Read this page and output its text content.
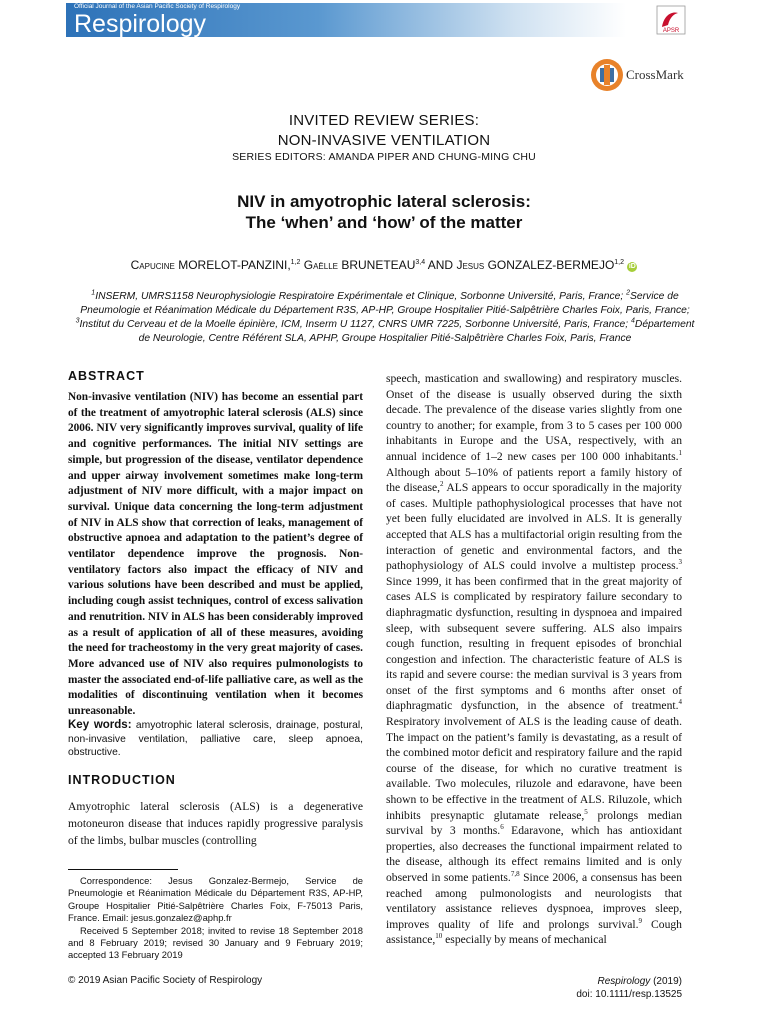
Official Journal of the Asian Pacific Society of Respirology
Respirology	APSR
CrossMark
INVITED REVIEW SERIES:
NON-INVASIVE VENTILATION
SERIES EDITORS: AMANDA PIPER AND CHUNG-MING CHU
NIV in amyotrophic lateral sclerosis:
The ‘when’ and ‘how’ of the matter
Capucine MORELOT-PANZINI,$^{1,2}$ Gaëlle BRUNETEAU$^{3,4}$ AND Jesus GONZALEZ-BERMEJO$^{1,2}$ iD
$^1$INSERM, UMRS1158 Neurophysiologie Respiratoire Expérimentale et Clinique, Sorbonne Université, Paris, France; $^2$Service de Pneumologie et Réanimation Médicale du Département R3S, AP-HP, Groupe Hospitalier Pitié-Salpêtrière Charles Foix, Paris, France; $^3$Institut du Cerveau et de la Moelle épinière, ICM, Inserm U 1127, CNRS UMR 7225, Sorbonne Université, Paris, France; $^4$Département de Neurologie, Centre Référent SLA, APHP, Groupe Hospitalier Pitié-Salpêtrière Charles Foix, Paris, France
ABSTRACT
Non-invasive ventilation (NIV) has become an essential part of the treatment of amyotrophic lateral sclerosis (ALS) since 2006. NIV very significantly improves survival, quality of life and cognitive performances. The initial NIV settings are simple, but progression of the disease, ventilator dependence and upper airway involvement sometimes make long-term adjustment of NIV more difficult, with a major impact on survival. Unique data concerning the long-term adjustment of NIV in ALS show that correction of leaks, management of obstructive apnoea and adaptation to the patient’s degree of ventilator dependence improve the prognosis. Non-ventilatory factors also impact the efficacy of NIV and various solutions have been described and must be applied, including cough assist techniques, control of excess salivation and renutrition. NIV in ALS has been considerably improved as a result of application of all of these measures, avoiding the need for tracheostomy in the very great majority of cases. More advanced use of NIV also requires pulmonologists to master the associated end-of-life palliative care, as well as the modalities of discontinuing ventilation when it becomes unreasonable.
Key words: amyotrophic lateral sclerosis, drainage, postural, non-invasive ventilation, palliative care, sleep apnoea, obstructive.
INTRODUCTION
Amyotrophic lateral sclerosis (ALS) is a degenerative motoneuron disease that induces rapidly progressive paralysis of the limbs, bulbar muscles (controlling

Correspondence: Jesus Gonzalez-Bermejo, Service de Pneumologie et Réanimation Médicale du Département R3S, AP-HP, Groupe Hospitalier Pitié-Salpêtrière Charles Foix, F-75013 Paris, France. Email: jesus.gonzalez@aphp.fr

Received 5 September 2018; invited to revise 18 September 2018 and 8 February 2019; revised 30 January and 9 February 2019; accepted 13 February 2019

speech, mastication and swallowing) and respiratory muscles. Onset of the disease is usually observed during the sixth decade. The prevalence of the disease varies slightly from one country to another; for example, from 3 to 5 cases per 100 000 inhabitants in Europe and the USA, respectively, with an annual incidence of 1–2 new cases per 100 000 inhabitants.$^1$ Although about 5–10% of patients report a family history of the disease,$^2$ ALS appears to occur sporadically in the majority of cases. Multiple pathophysiological processes that have not yet been fully elucidated are involved in ALS. It is generally accepted that ALS has a multifactorial origin resulting from the interaction of genetic and environmental factors, and the pathophysiology of ALS could involve a multistep process.$^3$ Since 1999, it has been confirmed that in the great majority of cases ALS is complicated by respiratory failure secondary to diaphragmatic dysfunction, resulting in dyspnoea and impaired sleep, with subsequent severe suffering. ALS also impairs cough function, resulting in frequent episodes of bronchial congestion and infection. The characteristic feature of ALS is its rapid and severe course: the median survival is 3 years from onset of the first symptoms and 6 months after onset of diaphragmatic dysfunction, in the absence of treatment.$^4$ Respiratory involvement of ALS is the leading cause of death. The impact on the patient’s family is devastating, as a result of the combined motor deficit and respiratory failure and the rapid course of the disease, for which no curative treatment is available. Two molecules, riluzole and edaravone, have been shown to be effective in the treatment of ALS. Riluzole, which inhibits presynaptic glutamate release,$^5$ prolongs median survival by 3 months.$^6$ Edaravone, which has antioxidant properties, also decreases the functional impairment related to the disease, although its effect remains limited and is only observed in some patients.$^{7,8}$ Since 2006, a consensus has been reached among pulmonologists and neurologists that ventilatory assistance relieves dyspnoea, improves sleep, improves quality of life and prolongs survival.$^9$ Cough assistance,$^{10}$ especially by means of mechanical
© 2019 Asian Pacific Society of Respirology	Respirology (2019)
doi: 10.1111/resp.13525
